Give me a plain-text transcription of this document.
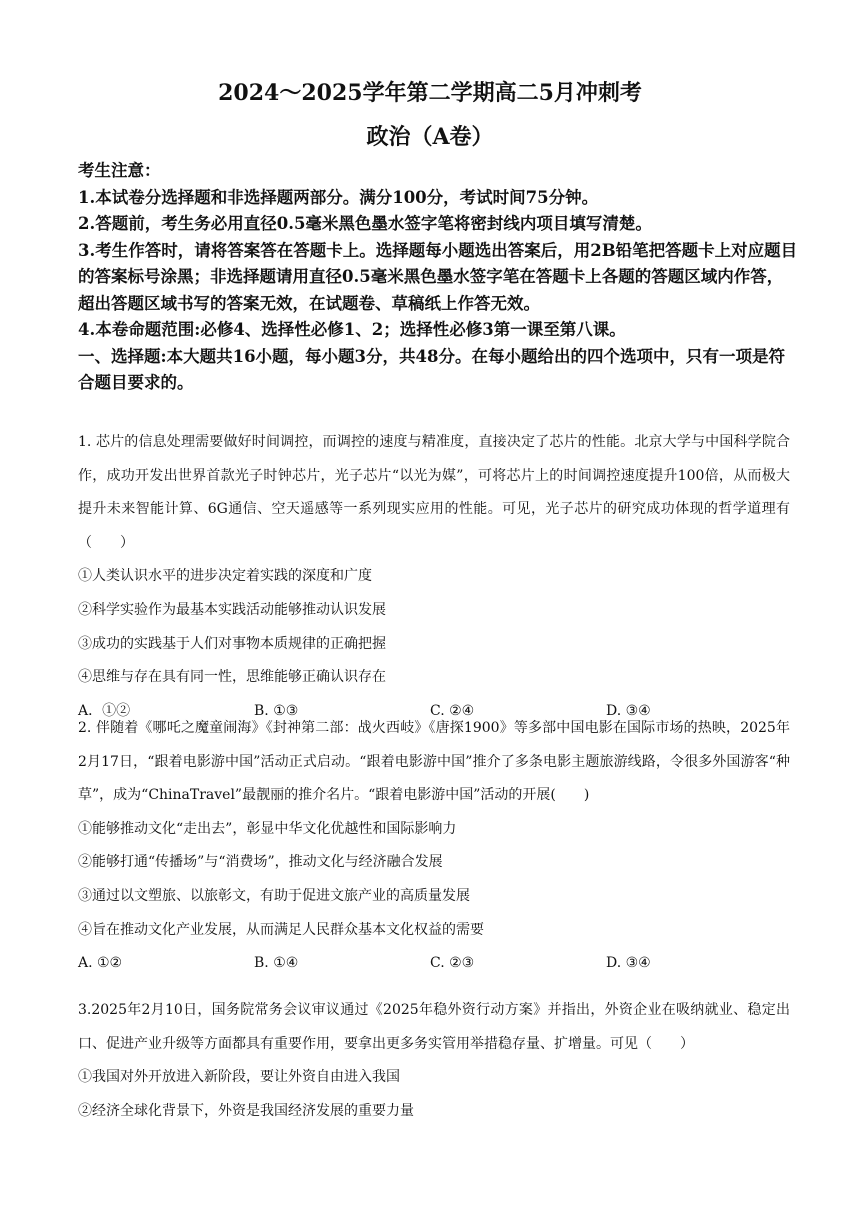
2024～2025学年第二学期高二5月冲刺考
政治（A卷）

考生注意：

1.本试卷分选择题和非选择题两部分。满分100分，考试时间75分钟。

2.答题前，考生务必用直径0.5毫米黑色墨水签字笔将密封线内项目填写清楚。

3.考生作答时，请将答案答在答题卡上。选择题每小题选出答案后，用2B铅笔把答题卡上对应题目的答案标号涂黑；非选择题请用直径0.5毫米黑色墨水签字笔在答题卡上各题的答题区域内作答，超出答题区域书写的答案无效，在试题卷、草稿纸上作答无效。

4.本卷命题范围:必修4、选择性必修1、2；选择性必修3第一课至第八课。

一、选择题:本大题共16小题，每小题3分，共48分。在每小题给出的四个选项中，只有一项是符合题目要求的。

1. 芯片的信息处理需要做好时间调控，而调控的速度与精准度，直接决定了芯片的性能。北京大学与中国科学院合作，成功开发出世界首款光子时钟芯片，光子芯片“以光为媒”，可将芯片上的时间调控速度提升100倍，从而极大提升未来智能计算、6G通信、空天遥感等一系列现实应用的性能。可见，光子芯片的研究成功体现的哲学道理有（　　）

①人类认识水平的进步决定着实践的深度和广度

②科学实验作为最基本实践活动能够推动认识发展

③成功的实践基于人们对事物本质规律的正确把握

④思维与存在具有同一性，思维能够正确认识存在

A．①②	B. ①③	C. ②④	D. ③④

2. 伴随着《哪吒之魔童闹海》《封神第二部：战火西岐》《唐探1900》等多部中国电影在国际市场的热映，2025年2月17日，“跟着电影游中国”活动正式启动。“跟着电影游中国”推介了多条电影主题旅游线路，令很多外国游客“种草”，成为“ChinaTravel”最靓丽的推介名片。“跟着电影游中国”活动的开展(　　)

①能够推动文化“走出去”，彰显中华文化优越性和国际影响力

②能够打通“传播场”与“消费场”，推动文化与经济融合发展

③通过以文塑旅、以旅彰文，有助于促进文旅产业的高质量发展

④旨在推动文化产业发展，从而满足人民群众基本文化权益的需要

A. ①②	B. ①④	C. ②③	D. ③④

3.2025年2月10日，国务院常务会议审议通过《2025年稳外资行动方案》并指出，外资企业在吸纳就业、稳定出口、促进产业升级等方面都具有重要作用，要拿出更多务实管用举措稳存量、扩增量。可见（　　）

①我国对外开放进入新阶段，要让外资自由进入我国

②经济全球化背景下，外资是我国经济发展的重要力量
